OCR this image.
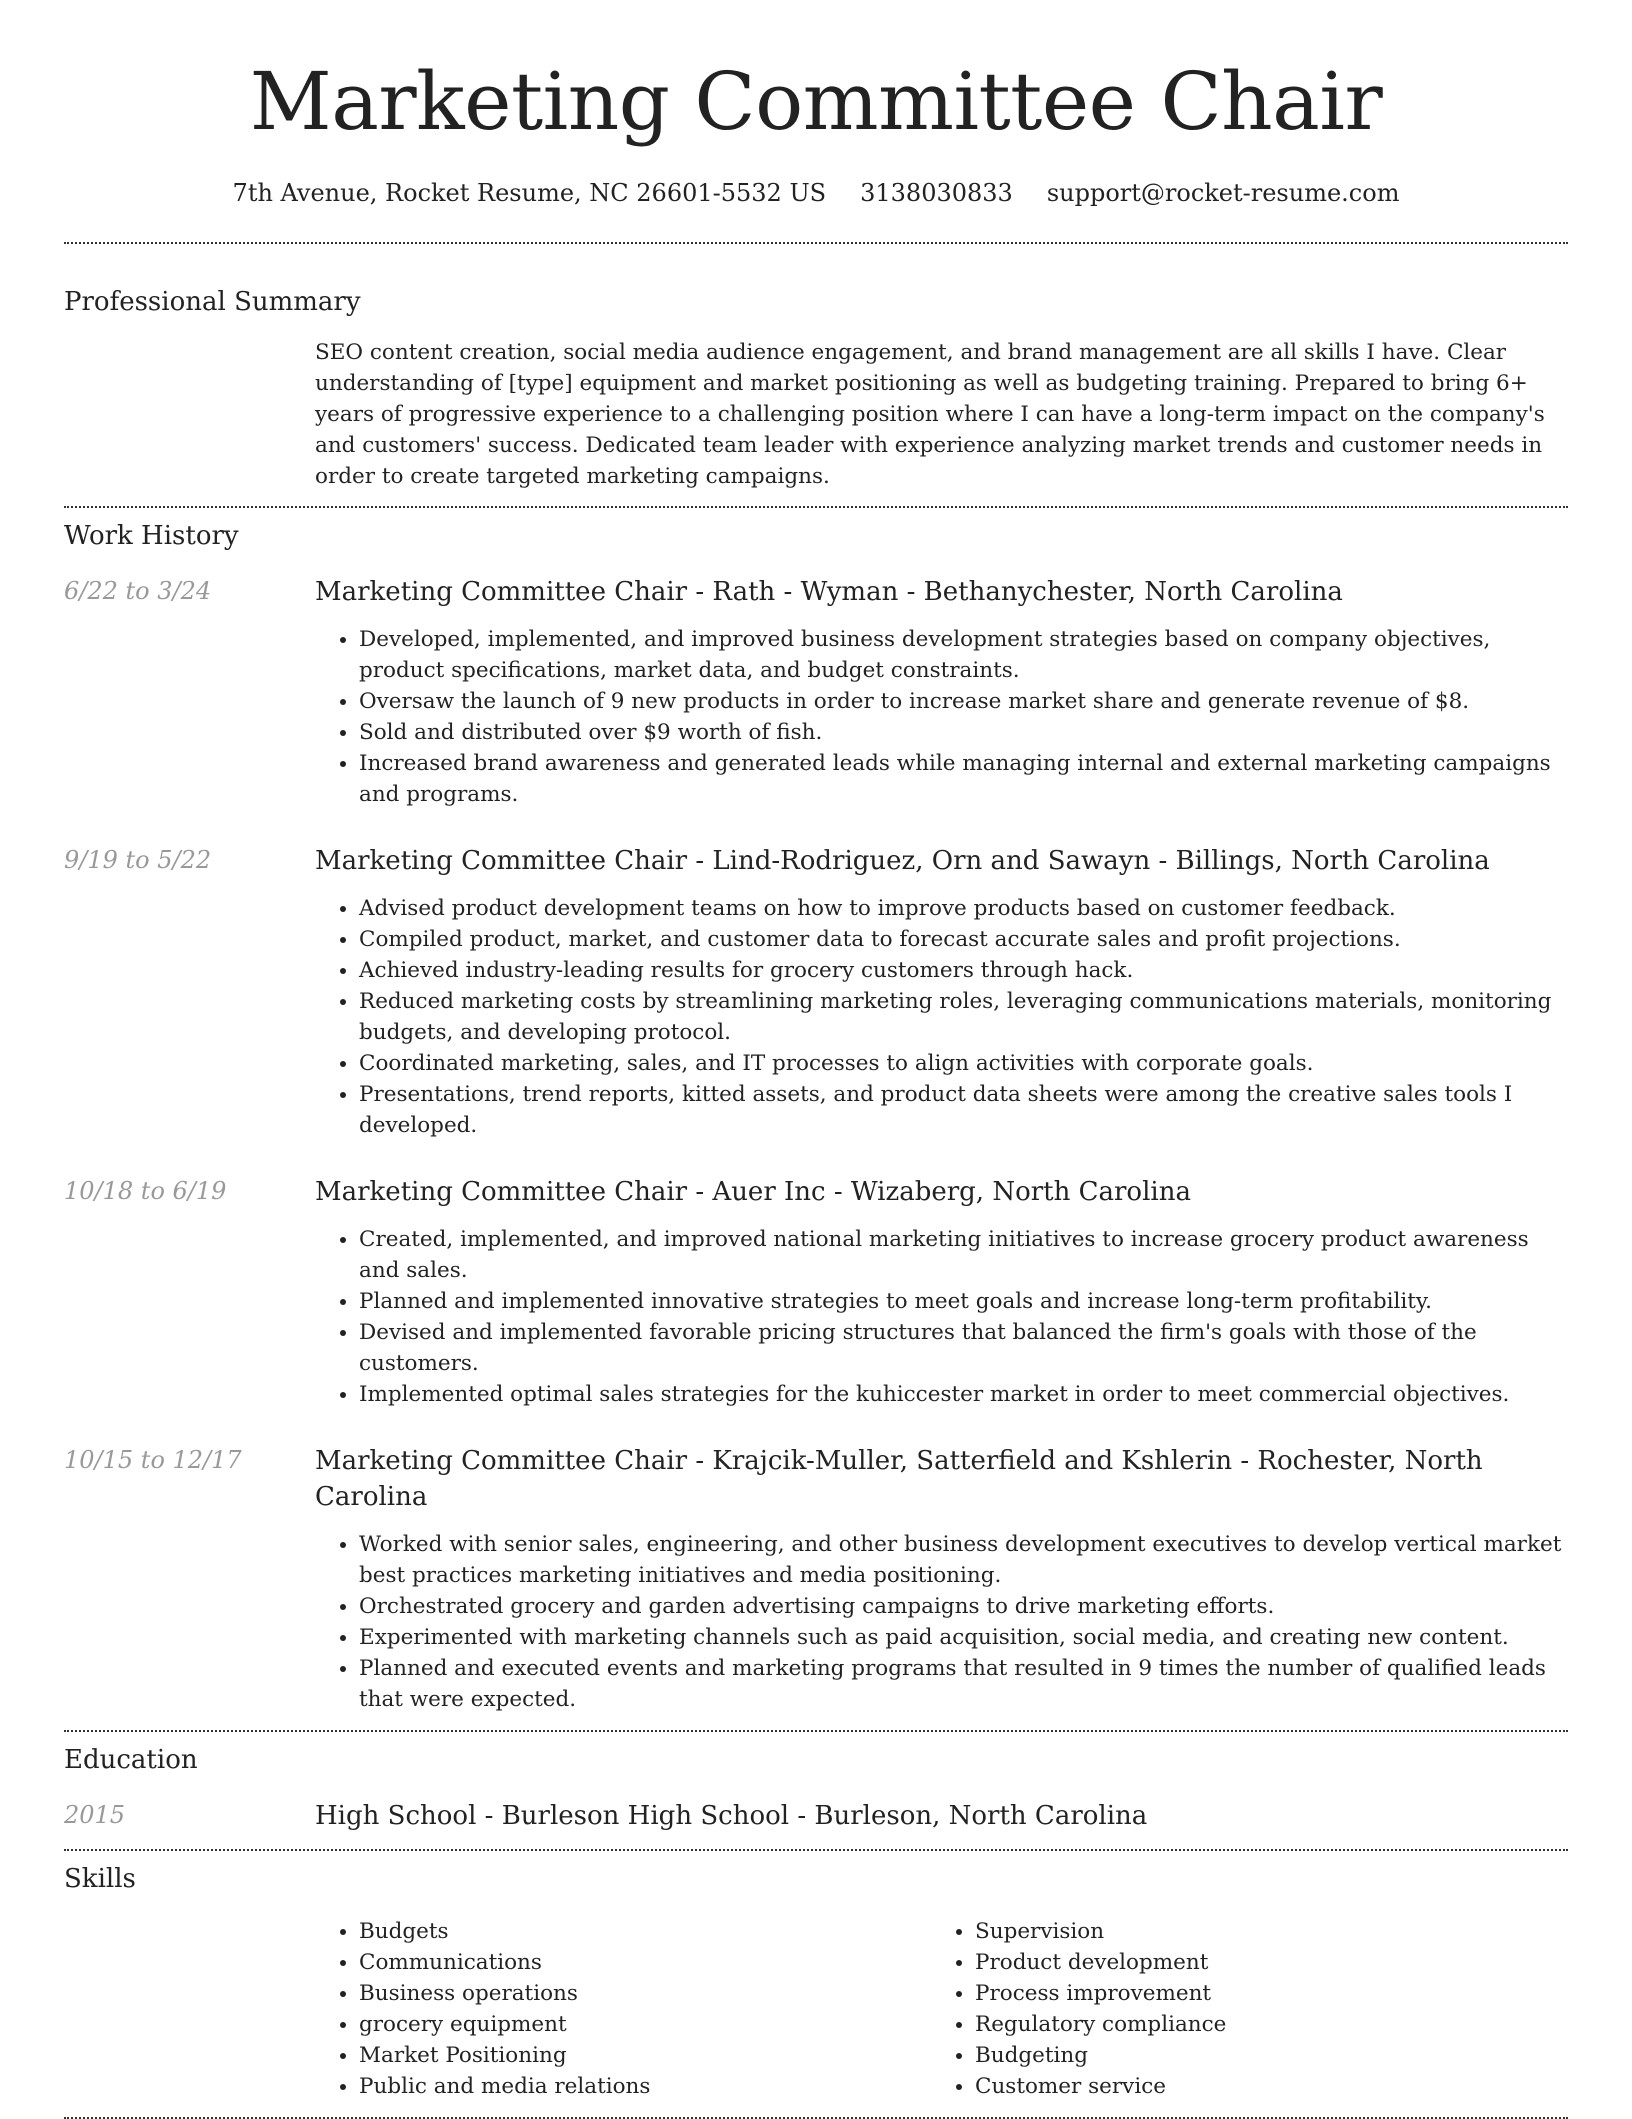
Marketing Committee Chair
7th Avenue, Rocket Resume, NC 26601-5532 US 3138030833 support@rocket-resume.com
Professional Summary

SEO content creation, social media audience engagement, and brand management are all skills I have. Clear understanding of [type] equipment and market positioning as well as budgeting training. Prepared to bring 6+ years of progressive experience to a challenging position where I can have a long-term impact on the company's and customers' success. Dedicated team leader with experience analyzing market trends and customer needs in order to create targeted marketing campaigns.

Work History
6/22 to 3/24	Marketing Committee Chair - Rath - Wyman - Bethanychester, North Carolina

• Developed, implemented, and improved business development strategies based on company objectives, product specifications, market data, and budget constraints.
• Oversaw the launch of 9 new products in order to increase market share and generate revenue of $8.
• Sold and distributed over $9 worth of fish.
• Increased brand awareness and generated leads while managing internal and external marketing campaigns and programs.
9/19 to 5/22	Marketing Committee Chair - Lind-Rodriguez, Orn and Sawayn - Billings, North Carolina

• Advised product development teams on how to improve products based on customer feedback.
• Compiled product, market, and customer data to forecast accurate sales and profit projections.
• Achieved industry-leading results for grocery customers through hack.
• Reduced marketing costs by streamlining marketing roles, leveraging communications materials, monitoring budgets, and developing protocol.
• Coordinated marketing, sales, and IT processes to align activities with corporate goals.
• Presentations, trend reports, kitted assets, and product data sheets were among the creative sales tools I developed.
10/18 to 6/19	Marketing Committee Chair - Auer Inc - Wizaberg, North Carolina

• Created, implemented, and improved national marketing initiatives to increase grocery product awareness and sales.
• Planned and implemented innovative strategies to meet goals and increase long-term profitability.
• Devised and implemented favorable pricing structures that balanced the firm's goals with those of the customers.
• Implemented optimal sales strategies for the kuhiccester market in order to meet commercial objectives.
10/15 to 12/17	Marketing Committee Chair - Krajcik-Muller, Satterfield and Kshlerin - Rochester, North Carolina

• Worked with senior sales, engineering, and other business development executives to develop vertical market best practices marketing initiatives and media positioning.
• Orchestrated grocery and garden advertising campaigns to drive marketing efforts.
• Experimented with marketing channels such as paid acquisition, social media, and creating new content.
• Planned and executed events and marketing programs that resulted in 9 times the number of qualified leads that were expected.
Education
2015	High School - Burleson High School - Burleson, North Carolina

Skills
• Budgets
• Communications
• Business operations
• grocery equipment
• Market Positioning
• Public and media relations
• Supervision
• Product development
• Process improvement
• Regulatory compliance
• Budgeting
• Customer service
